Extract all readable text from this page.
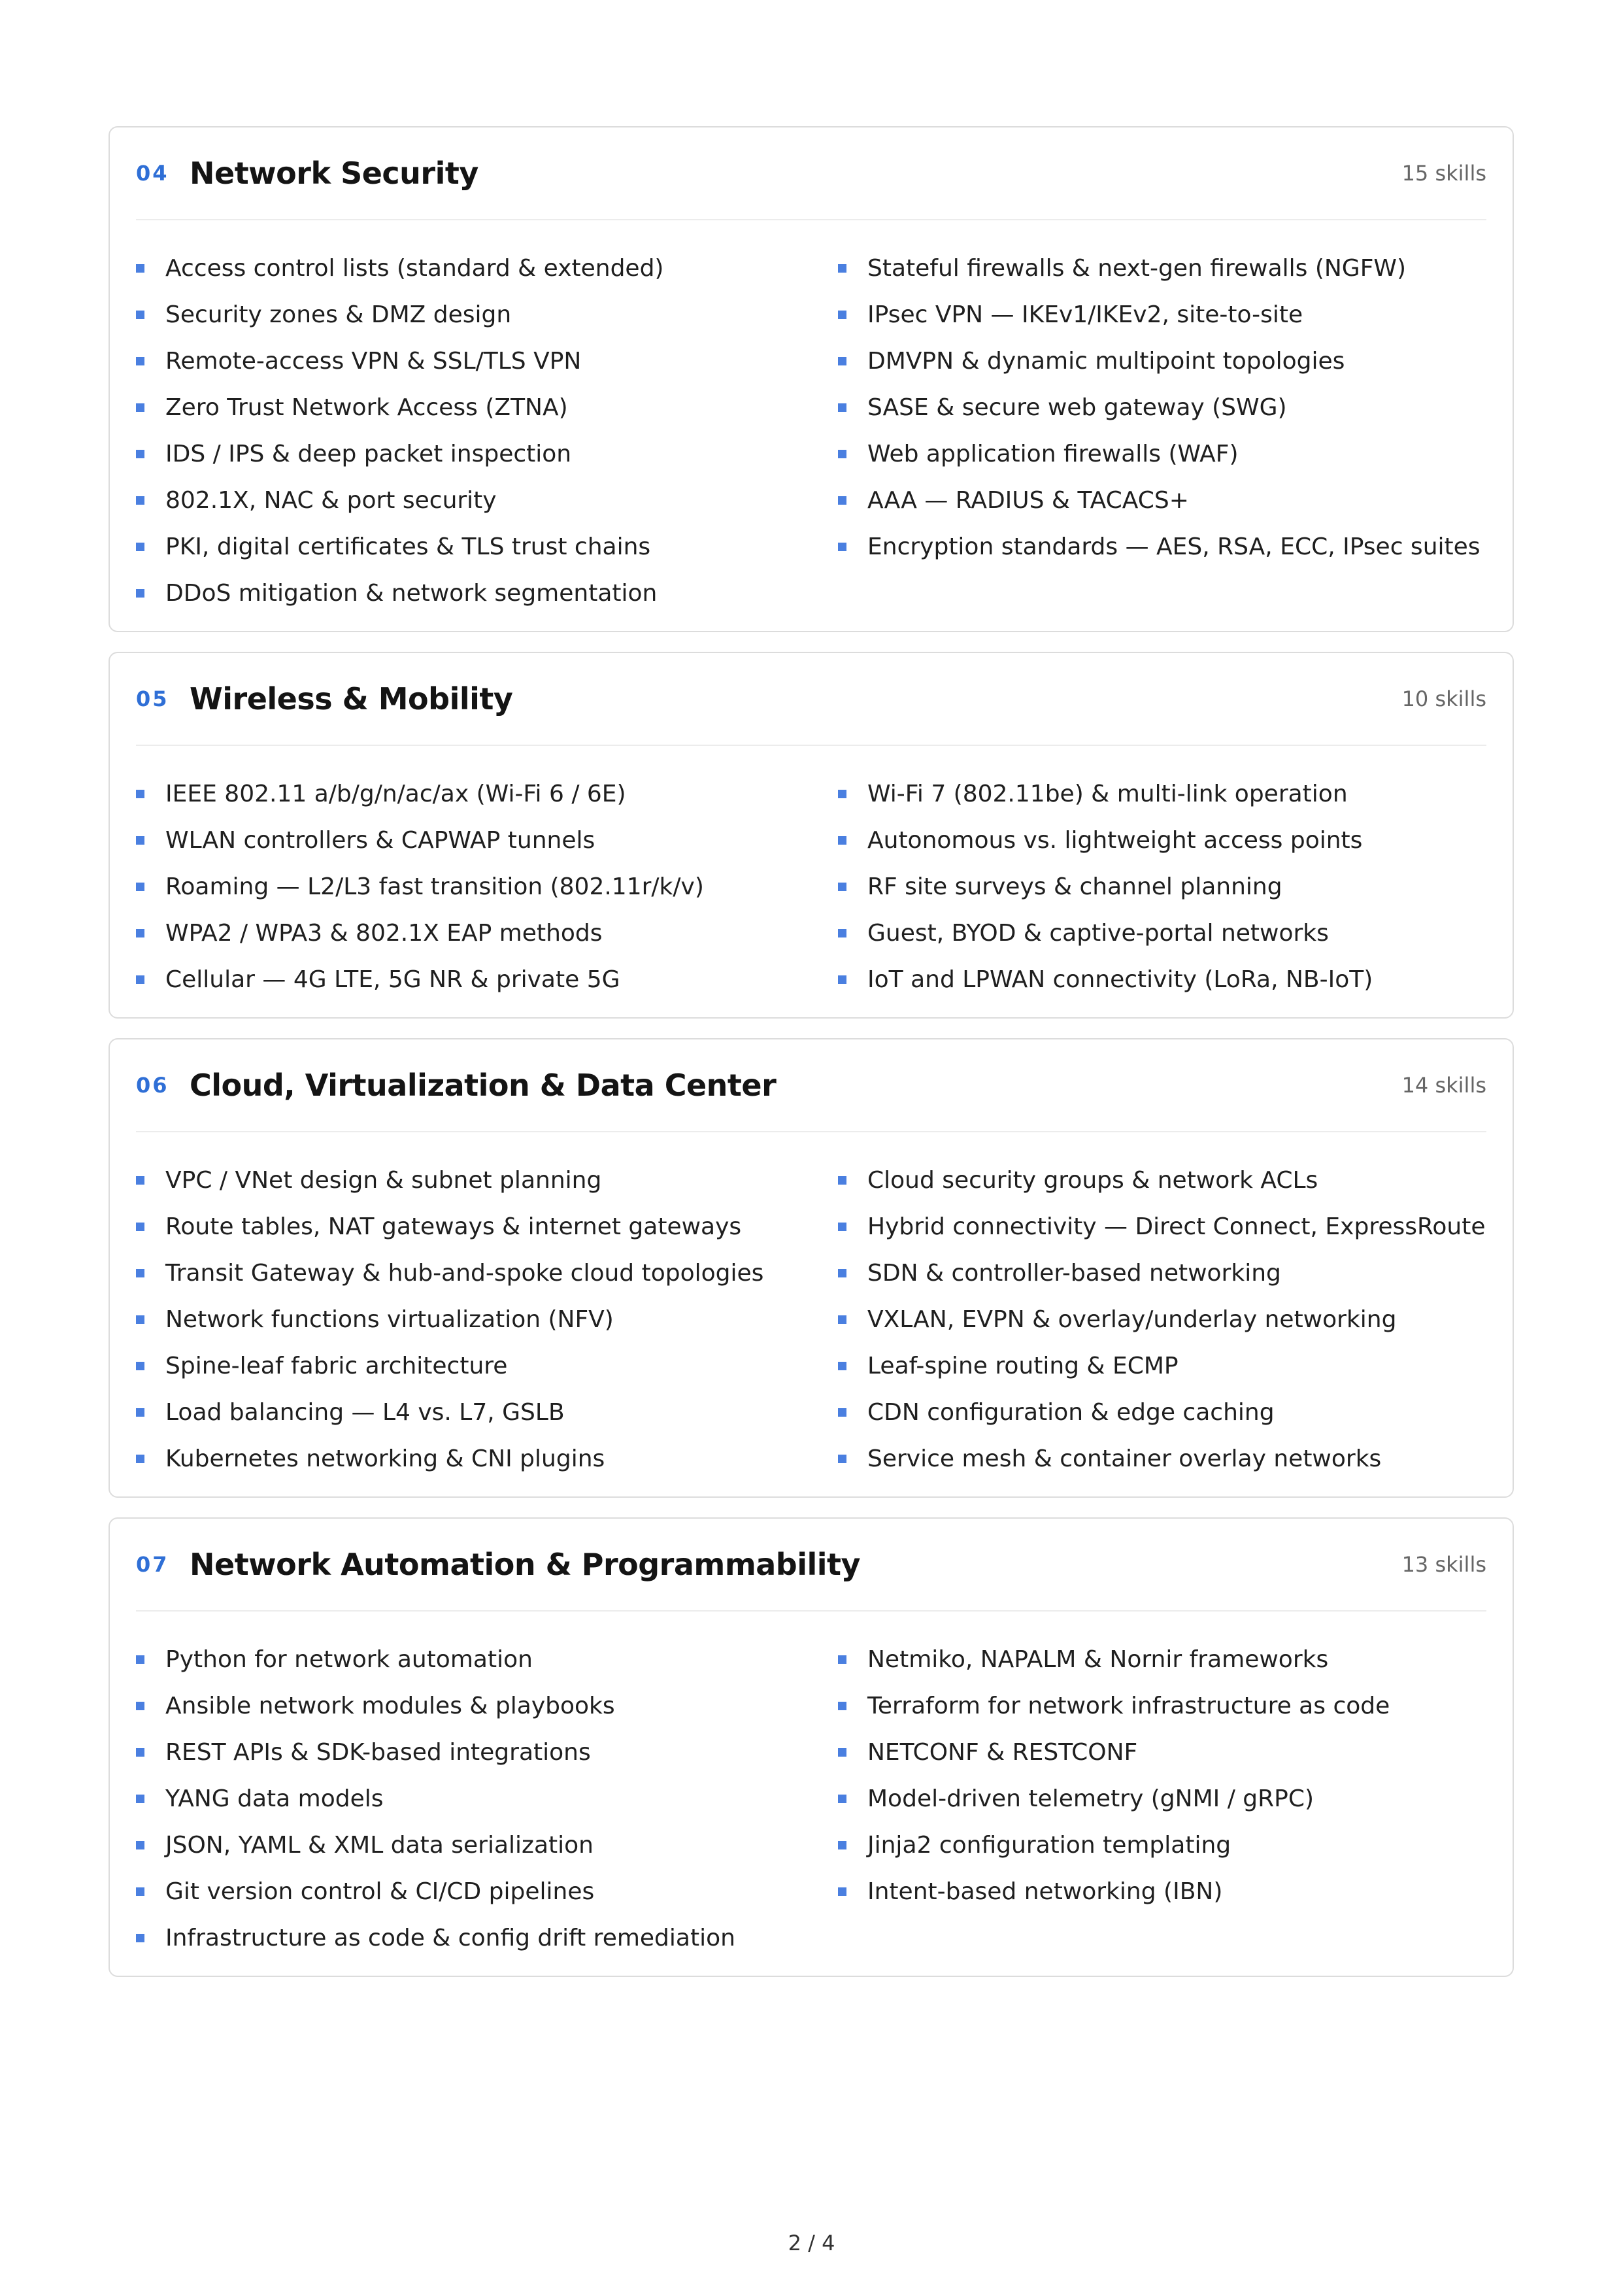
04 Network Security	15 skills
Access control lists (standard & extended)	Stateful firewalls & next-gen firewalls (NGFW)
Security zones & DMZ design	IPsec VPN — IKEv1/IKEv2, site-to-site
Remote-access VPN & SSL/TLS VPN	DMVPN & dynamic multipoint topologies
Zero Trust Network Access (ZTNA)	SASE & secure web gateway (SWG)
IDS / IPS & deep packet inspection	Web application firewalls (WAF)
802.1X, NAC & port security	AAA — RADIUS & TACACS+
PKI, digital certificates & TLS trust chains	Encryption standards — AES, RSA, ECC, IPsec suites
DDoS mitigation & network segmentation
05 Wireless & Mobility	10 skills
IEEE 802.11 a/b/g/n/ac/ax (Wi-Fi 6 / 6E)	Wi-Fi 7 (802.11be) & multi-link operation
WLAN controllers & CAPWAP tunnels	Autonomous vs. lightweight access points
Roaming — L2/L3 fast transition (802.11r/k/v)	RF site surveys & channel planning
WPA2 / WPA3 & 802.1X EAP methods	Guest, BYOD & captive-portal networks
Cellular — 4G LTE, 5G NR & private 5G	IoT and LPWAN connectivity (LoRa, NB-IoT)
06 Cloud, Virtualization & Data Center	14 skills
VPC / VNet design & subnet planning	Cloud security groups & network ACLs
Route tables, NAT gateways & internet gateways	Hybrid connectivity — Direct Connect, ExpressRoute
Transit Gateway & hub-and-spoke cloud topologies	SDN & controller-based networking
Network functions virtualization (NFV)	VXLAN, EVPN & overlay/underlay networking
Spine-leaf fabric architecture	Leaf-spine routing & ECMP
Load balancing — L4 vs. L7, GSLB	CDN configuration & edge caching
Kubernetes networking & CNI plugins	Service mesh & container overlay networks
07 Network Automation & Programmability	13 skills
Python for network automation	Netmiko, NAPALM & Nornir frameworks
Ansible network modules & playbooks	Terraform for network infrastructure as code
REST APIs & SDK-based integrations	NETCONF & RESTCONF
YANG data models	Model-driven telemetry (gNMI / gRPC)
JSON, YAML & XML data serialization	Jinja2 configuration templating
Git version control & CI/CD pipelines	Intent-based networking (IBN)
Infrastructure as code & config drift remediation
2 / 4
